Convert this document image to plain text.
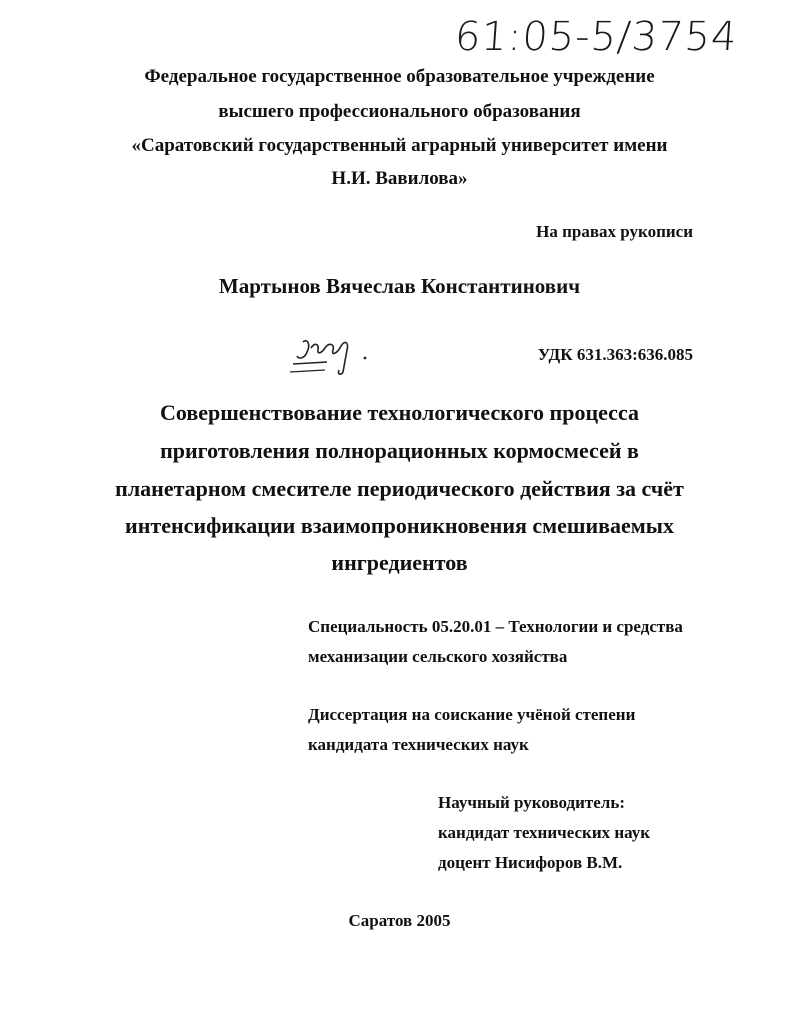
61:05-5/3754
Федеральное государственное образовательное учреждение
высшего профессионального образования
«Саратовский государственный аграрный университет имени
Н.И. Вавилова»
На правах рукописи
Мартынов Вячеслав Константинович
УДК 631.363:636.085
Совершенствование технологического процесса
приготовления полнорационных кормосмесей в
планетарном смесителе периодического действия за счёт
интенсификации взаимопроникновения смешиваемых
ингредиентов
Специальность 05.20.01 – Технологии и средства
механизации сельского хозяйства
Диссертация на соискание учёной степени
кандидата технических наук
Научный руководитель:
кандидат технических наук
доцент Нисифоров В.М.
Саратов 2005
